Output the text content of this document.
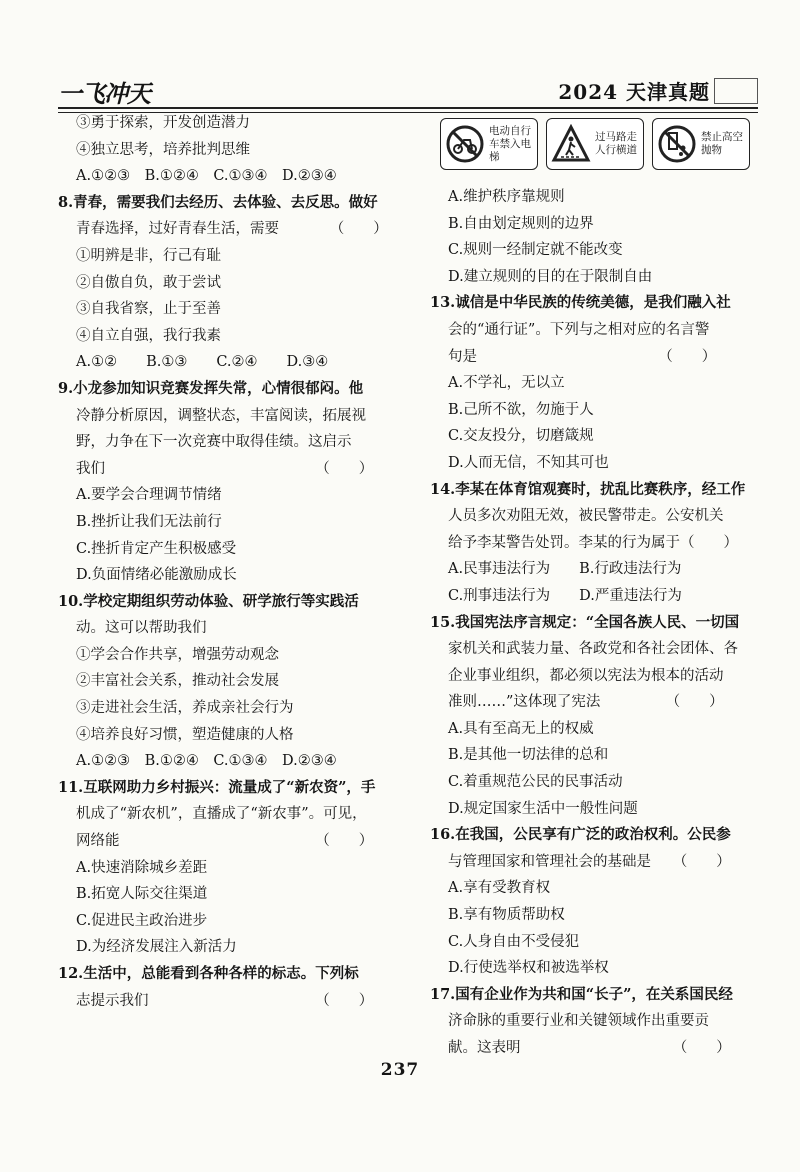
一飞冲天	2024 天津真题
③勇于探索，开发创造潜力
④独立思考，培养批判思维
A.①②③　B.①②④　C.①③④　D.②③④
8.青春，需要我们去经历、去体验、去反思。做好
青春选择，过好青春生活，需要　　　　（　　）
①明辨是非，行己有耻
②自傲自负，敢于尝试
③自我省察，止于至善
④自立自强，我行我素
A.①②　　B.①③　　C.②④　　D.③④
9.小龙参加知识竞赛发挥失常，心情很郁闷。他
冷静分析原因，调整状态，丰富阅读，拓展视
野，力争在下一次竞赛中取得佳绩。这启示
我们　　　　　　　　　　　　　　　（　　）
A.要学会合理调节情绪
B.挫折让我们无法前行
C.挫折肯定产生积极感受
D.负面情绪必能激励成长
10.学校定期组织劳动体验、研学旅行等实践活
动。这可以帮助我们
①学会合作共享，增强劳动观念
②丰富社会关系，推动社会发展
③走进社会生活，养成亲社会行为
④培养良好习惯，塑造健康的人格
A.①②③　B.①②④　C.①③④　D.②③④
11.互联网助力乡村振兴：流量成了“新农资”，手
机成了“新农机”，直播成了“新农事”。可见，
网络能　　　　　　　　　　　　　　（　　）
A.快速消除城乡差距
B.拓宽人际交往渠道
C.促进民主政治进步
D.为经济发展注入新活力
12.生活中，总能看到各种各样的标志。下列标
志提示我们　　　　　　　　　　　　（　　）
电动自行车禁入电梯
过马路走人行横道
禁止高空抛物
A.维护秩序靠规则
B.自由划定规则的边界
C.规则一经制定就不能改变
D.建立规则的目的在于限制自由
13.诚信是中华民族的传统美德，是我们融入社
会的“通行证”。下列与之相对应的名言警
句是　　　　　　　　　　　　　（　　）
A.不学礼，无以立
B.己所不欲，勿施于人
C.交友投分，切磨箴规
D.人而无信，不知其可也
14.李某在体育馆观赛时，扰乱比赛秩序，经工作
人员多次劝阻无效，被民警带走。公安机关
给予李某警告处罚。李某的行为属于（　　）
A.民事违法行为　　B.行政违法行为
C.刑事违法行为　　D.严重违法行为
15.我国宪法序言规定：“全国各族人民、一切国
家机关和武装力量、各政党和各社会团体、各
企业事业组织，都必须以宪法为根本的活动
准则……”这体现了宪法　　　　　（　　）
A.具有至高无上的权威
B.是其他一切法律的总和
C.着重规范公民的民事活动
D.规定国家生活中一般性问题
16.在我国，公民享有广泛的政治权利。公民参
与管理国家和管理社会的基础是　　（　　）
A.享有受教育权
B.享有物质帮助权
C.人身自由不受侵犯
D.行使选举权和被选举权
17.国有企业作为共和国“长子”，在关系国民经
济命脉的重要行业和关键领域作出重要贡
献。这表明　　　　　　　　　　　（　　）
237
